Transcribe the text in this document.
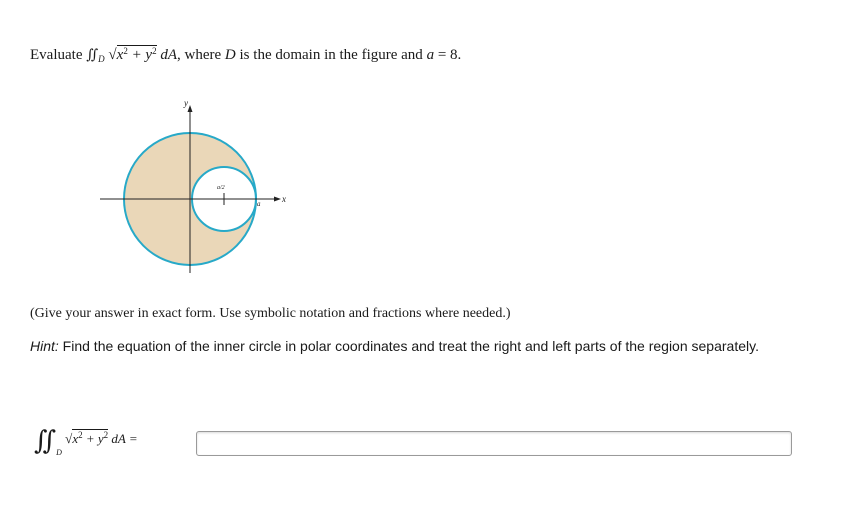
Evaluate $∬_D$ $√x^2 + y^2$ dA, where D is the domain in the figure and a = 8.
y
x
a
a/2
(Give your answer in exact form. Use symbolic notation and fractions where needed.)
Hint: Find the equation of the inner circle in polar coordinates and treat the right and left parts of the region separately.
$∬_D$ $√x^2 + y^2$ dA =
